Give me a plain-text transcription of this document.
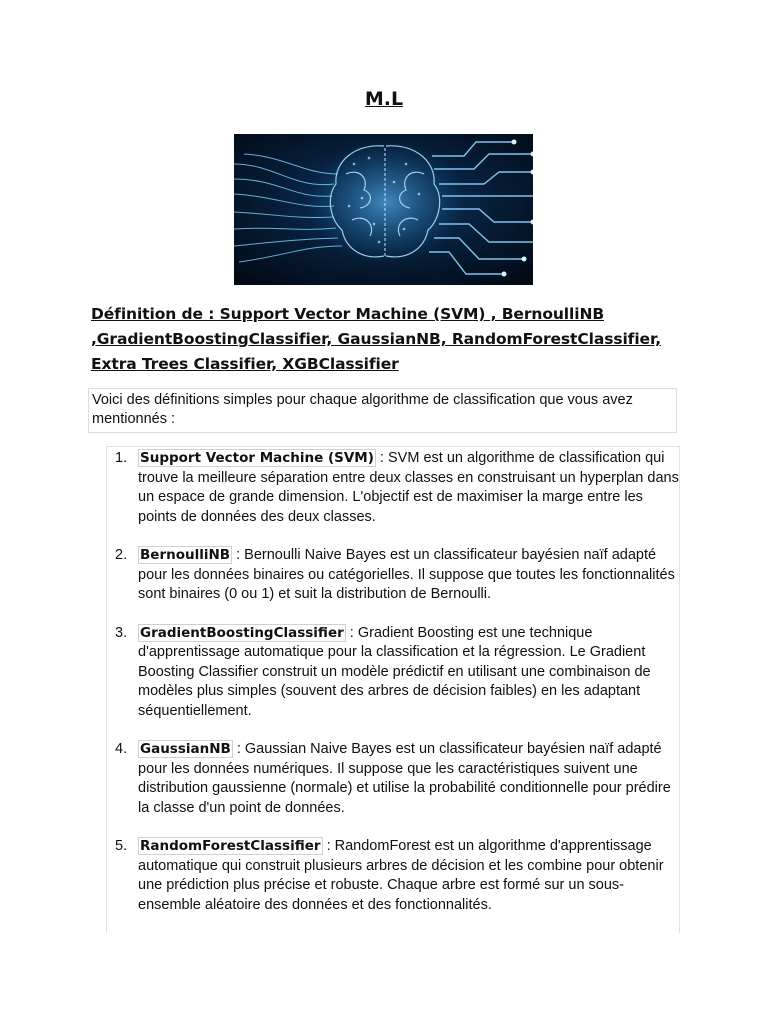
M.L
Définition de : Support Vector Machine (SVM) , BernoulliNB ,GradientBoostingClassifier, GaussianNB, RandomForestClassifier, Extra Trees Classifier, XGBClassifier
Voici des définitions simples pour chaque algorithme de classification que vous avez mentionnés :
1. Support Vector Machine (SVM) : SVM est un algorithme de classification qui trouve la meilleure séparation entre deux classes en construisant un hyperplan dans un espace de grande dimension. L'objectif est de maximiser la marge entre les points de données des deux classes.
2. BernoulliNB : Bernoulli Naive Bayes est un classificateur bayésien naïf adapté pour les données binaires ou catégorielles. Il suppose que toutes les fonctionnalités sont binaires (0 ou 1) et suit la distribution de Bernoulli.
3. GradientBoostingClassifier : Gradient Boosting est une technique d'apprentissage automatique pour la classification et la régression. Le Gradient Boosting Classifier construit un modèle prédictif en utilisant une combinaison de modèles plus simples (souvent des arbres de décision faibles) en les adaptant séquentiellement.
4. GaussianNB : Gaussian Naive Bayes est un classificateur bayésien naïf adapté pour les données numériques. Il suppose que les caractéristiques suivent une distribution gaussienne (normale) et utilise la probabilité conditionnelle pour prédire la classe d'un point de données.
5. RandomForestClassifier : RandomForest est un algorithme d'apprentissage automatique qui construit plusieurs arbres de décision et les combine pour obtenir une prédiction plus précise et robuste. Chaque arbre est formé sur un sous-ensemble aléatoire des données et des fonctionnalités.
